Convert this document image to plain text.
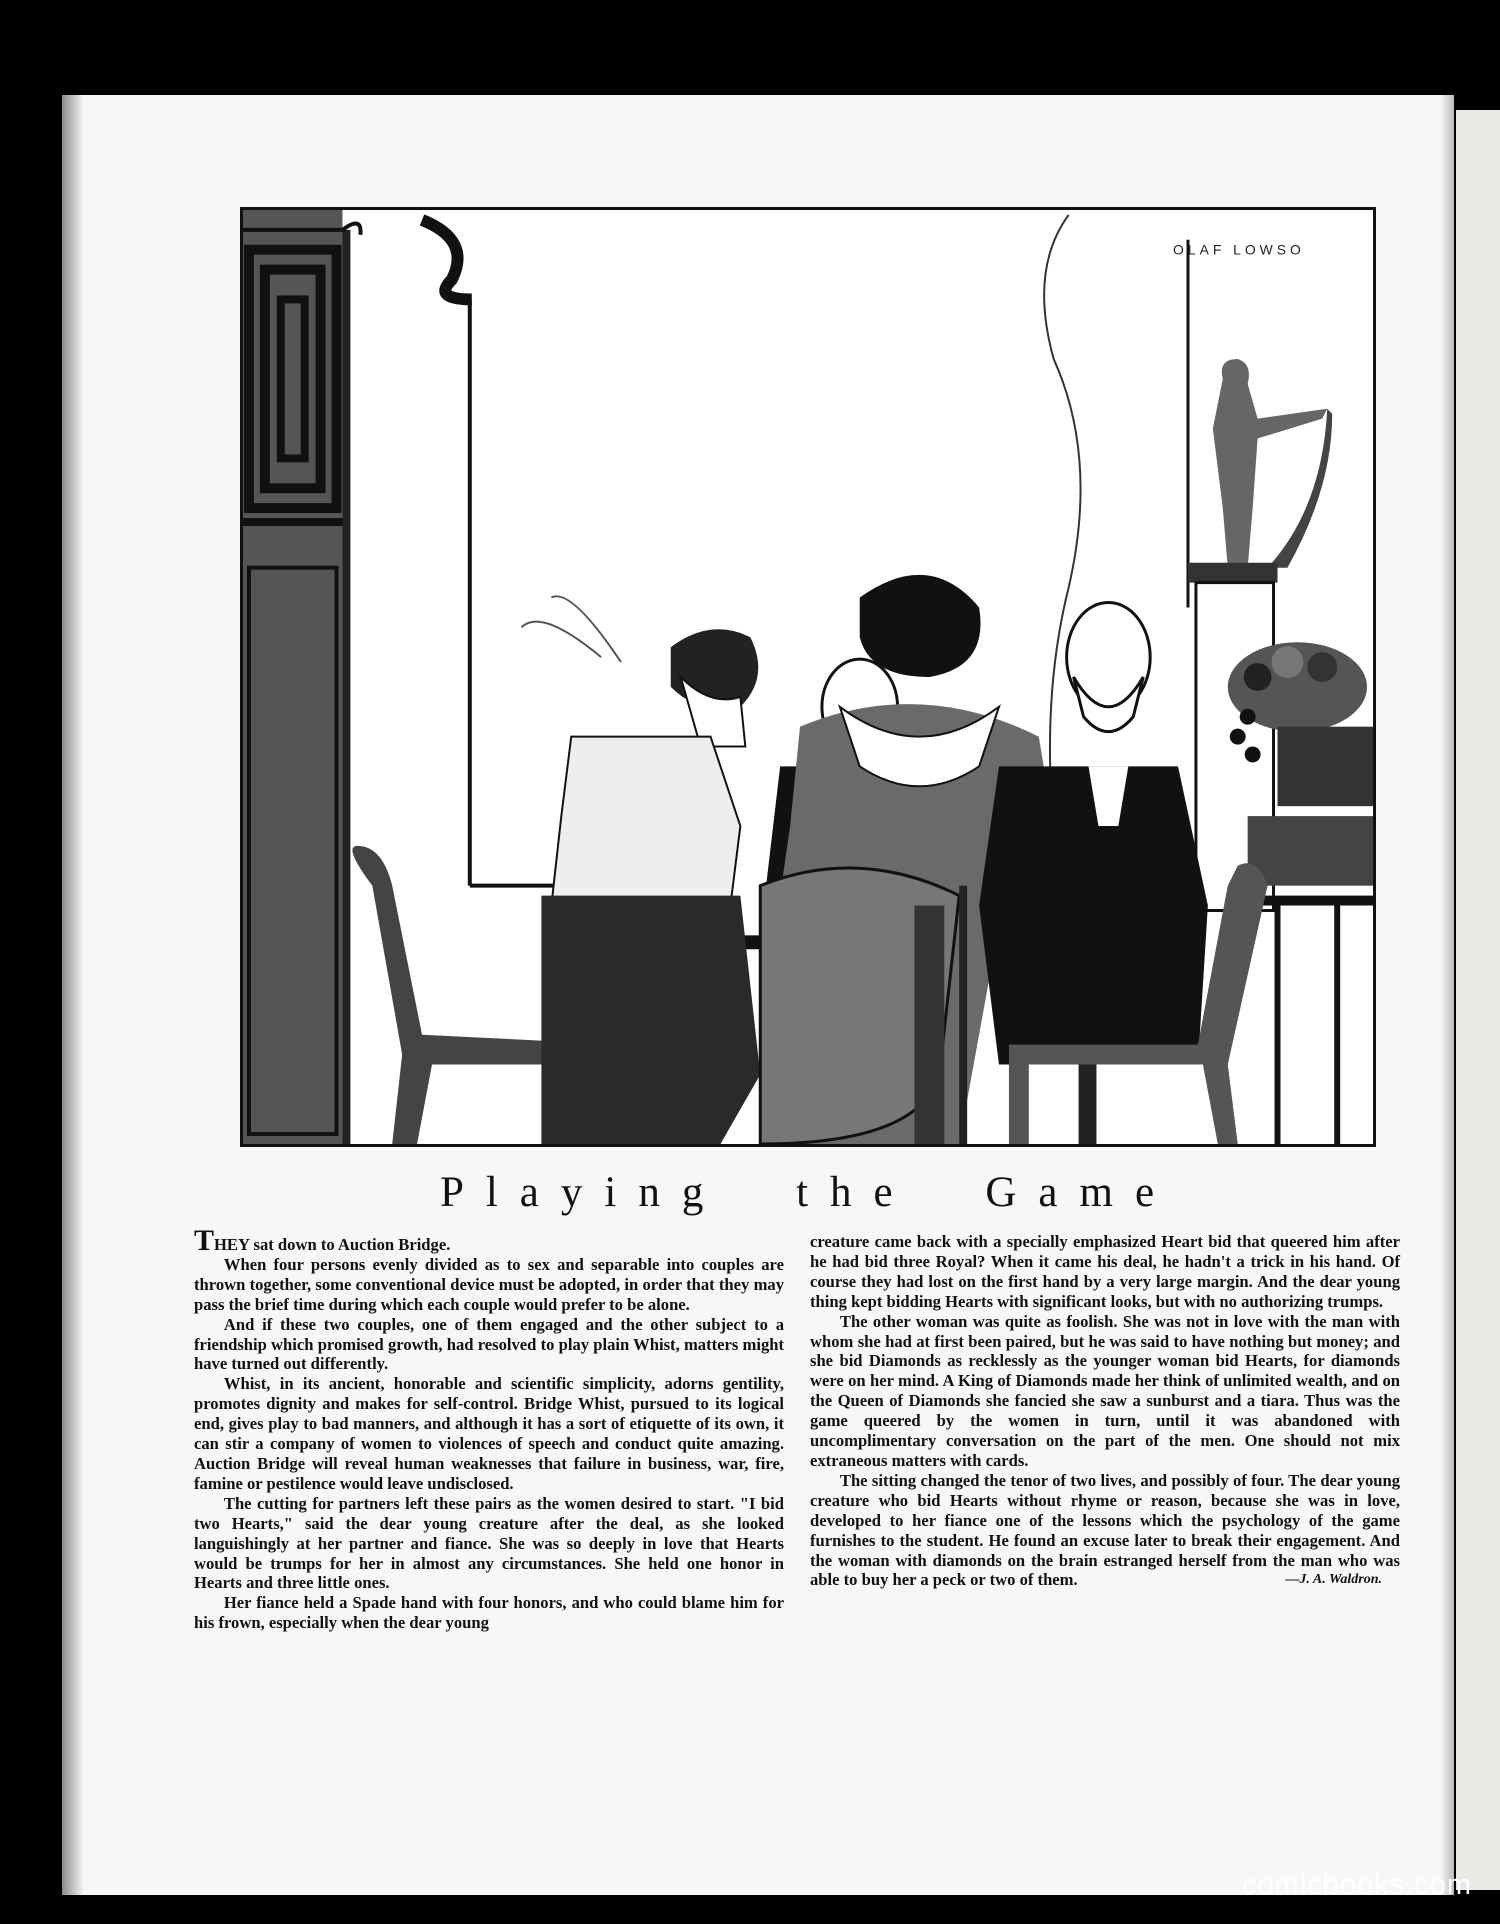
OLAF LOWSO
Playing the Game

THEY sat down to Auction Bridge.

When four persons evenly divided as to sex and separable into couples are thrown together, some conventional device must be adopted, in order that they may pass the brief time during which each couple would prefer to be alone.

And if these two couples, one of them engaged and the other subject to a friendship which promised growth, had resolved to play plain Whist, matters might have turned out differently.

Whist, in its ancient, honorable and scientific simplicity, adorns gentility, promotes dignity and makes for self-control. Bridge Whist, pursued to its logical end, gives play to bad manners, and although it has a sort of etiquette of its own, it can stir a company of women to violences of speech and conduct quite amazing. Auction Bridge will reveal human weaknesses that failure in business, war, fire, famine or pestilence would leave undisclosed.

The cutting for partners left these pairs as the women desired to start. "I bid two Hearts," said the dear young creature after the deal, as she looked languishingly at her partner and fiance. She was so deeply in love that Hearts would be trumps for her in almost any circumstances. She held one honor in Hearts and three little ones.

Her fiance held a Spade hand with four honors, and who could blame him for his frown, especially when the dear young

creature came back with a specially emphasized Heart bid that queered him after he had bid three Royal? When it came his deal, he hadn't a trick in his hand. Of course they had lost on the first hand by a very large margin. And the dear young thing kept bidding Hearts with significant looks, but with no authorizing trumps.

The other woman was quite as foolish. She was not in love with the man with whom she had at first been paired, but he was said to have nothing but money; and she bid Diamonds as recklessly as the younger woman bid Hearts, for diamonds were on her mind. A King of Diamonds made her think of unlimited wealth, and on the Queen of Diamonds she fancied she saw a sunburst and a tiara. Thus was the game queered by the women in turn, until it was abandoned with uncomplimentary conversation on the part of the men. One should not mix extraneous matters with cards.

The sitting changed the tenor of two lives, and possibly of four. The dear young creature who bid Hearts without rhyme or reason, because she was in love, developed to her fiance one of the lessons which the psychology of the game furnishes to the student. He found an excuse later to break their engagement. And the woman with diamonds on the brain estranged herself from the man who was able to buy her a peck or two of them.	—J. A. Waldron.
comicbooks.com
